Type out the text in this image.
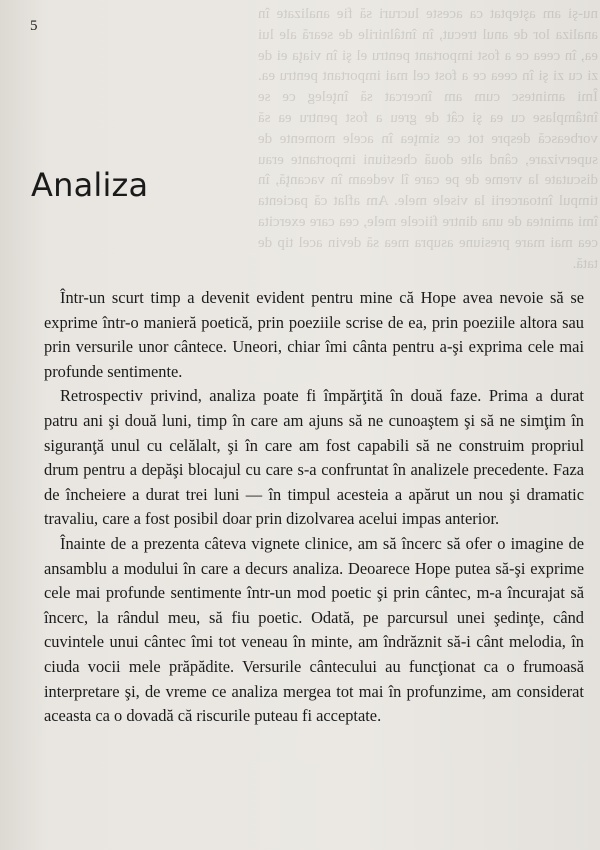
nu-şi am aşteptat ca aceste lucruri să fie analizate în analiza lor de anul trecut, în întâlnirile de seară ale lui ea, în ceea ce a fost important pentru el şi în viaţa ei de zi cu zi şi în ceea ce a fost cel mai important pentru ea. Îmi amintesc cum am încercat să înţeleg ce se întâmplase cu ea şi cât de greu a fost pentru ea să vorbească despre tot ce simţea în acele momente de supervizare, când alte două chestiuni importante erau discutate la vreme de pe care îl vedeam în vacanţă, în timpul întoarcerii la visele mele. Am aflat că pacienta îmi amintea de una dintre fiicele mele, cea care exercita cea mai mare presiune asupra mea să devin acel tip de tată.

5
Analiza

Într-un scurt timp a devenit evident pentru mine că Hope avea nevoie să se exprime într-o manieră poetică, prin poeziile scrise de ea, prin poeziile altora sau prin versurile unor cântece. Uneori, chiar îmi cânta pentru a-şi exprima cele mai profunde sentimente.

Retrospectiv privind, analiza poate fi împărţită în două faze. Prima a durat patru ani şi două luni, timp în care am ajuns să ne cunoaştem şi să ne simţim în siguranţă unul cu celălalt, şi în care am fost capabili să ne construim propriul drum pentru a depăşi blocajul cu care s-a confruntat în analizele precedente. Faza de încheiere a durat trei luni — în timpul acesteia a apărut un nou şi dramatic travaliu, care a fost posibil doar prin dizolvarea acelui impas anterior.

Înainte de a prezenta câteva vignete clinice, am să încerc să ofer o imagine de ansamblu a modului în care a decurs analiza. Deoarece Hope putea să-şi exprime cele mai profunde sentimente într-un mod poetic şi prin cântec, m-a încurajat să încerc, la rândul meu, să fiu poetic. Odată, pe parcursul unei şedinţe, când cuvintele unui cântec îmi tot veneau în minte, am îndrăznit să-i cânt melodia, în ciuda vocii mele prăpădite. Versurile cântecului au funcţionat ca o frumoasă interpretare şi, de vreme ce analiza mergea tot mai în profunzime, am considerat aceasta ca o dovadă că riscurile puteau fi acceptate.
